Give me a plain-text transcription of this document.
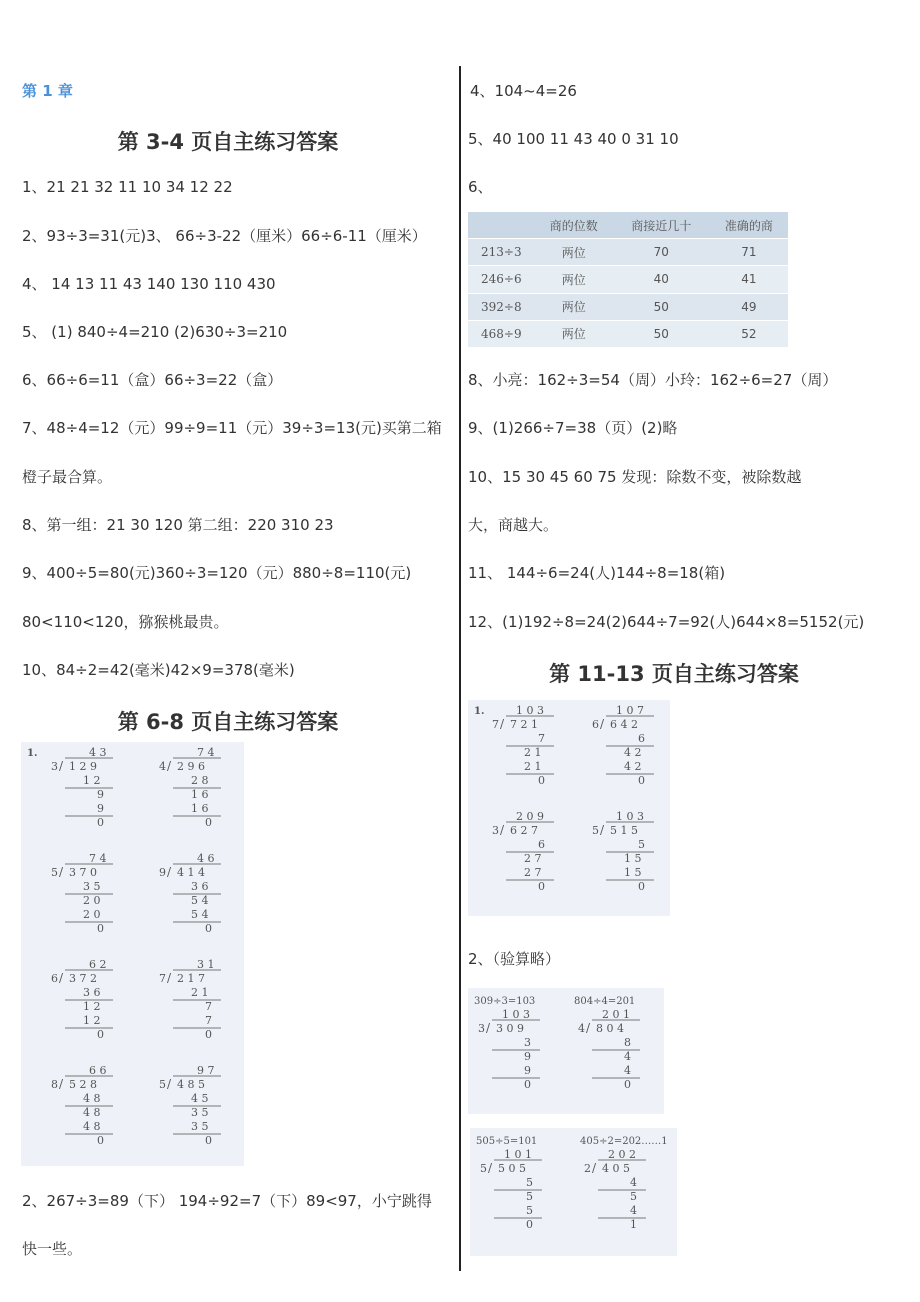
第 1 章
第 3-4 页自主练习答案
1、21 21 32 11 10 34 12 22
2、93÷3=31(元)3、 66÷3-22（厘米）66÷6-11（厘米）
4、 14 13 11 43 140 130 110 430
5、 (1) 840÷4=210 (2)630÷3=210
6、66÷6=11（盒）66÷3=22（盒）
7、48÷4=12（元）99÷9=11（元）39÷3=13(元)买第二箱
橙子最合算。
8、第一组：21 30 120 第二组：220 310 23
9、400÷5=80(元)360÷3=120（元）880÷8=110(元)
80<110<120，猕猴桃最贵。
10、84÷2=42(毫米)42×9=378(毫米)
第 6-8 页自主练习答案
1.	4 3
3 / 1 2 9
1 2
9
9
0
7 4
4 / 2 9 6
2 8
1 6
1 6
0
7 4
5 / 3 7 0
3 5
2 0
2 0
0
4 6
9 / 4 1 4
3 6
5 4
5 4
0
6 2
6 / 3 7 2
3 6
1 2
1 2
0
3 1
7 / 2 1 7
2 1
7
7
0
6 6
8 / 5 2 8
4 8
4 8
4 8
0
9 7
5 / 4 8 5
4 5
3 5
3 5
0
2、267÷3=89（下） 194÷92=7（下）89<97，小宁跳得
快一些。
4、104~4=26
5、40 100 11 43 40 0 31 10
6、
	商的位数	商接近几十	准确的商
213÷3	两位	70	71
246÷6	两位	40	41
392÷8	两位	50	49
468÷9	两位	50	52
8、小亮：162÷3=54（周）小玲：162÷6=27（周）
9、(1)266÷7=38（页）(2)略
10、15 30 45 60 75 发现：除数不变，被除数越
大，商越大。
11、 144÷6=24(人)144÷8=18(箱)
12、(1)192÷8=24(2)644÷7=92(人)644×8=5152(元)
第 11-13 页自主练习答案
1.	1 0 3
7 / 7 2 1
7
2 1
2 1
0
1 0 7
6 / 6 4 2
6
4 2
4 2
0
2 0 9
3 / 6 2 7
6
2 7
2 7
0
1 0 3
5 / 5 1 5
5
1 5
1 5
0
2、（验算略）
309÷3=103
1 0 3
3 / 3 0 9
3
9
9
0
804÷4=201
2 0 1
4 / 8 0 4
8
4
4
0
505÷5=101
1 0 1
5 / 5 0 5
5
5
5
0
405÷2=202……1
2 0 2
2 / 4 0 5
4
5
4
1
